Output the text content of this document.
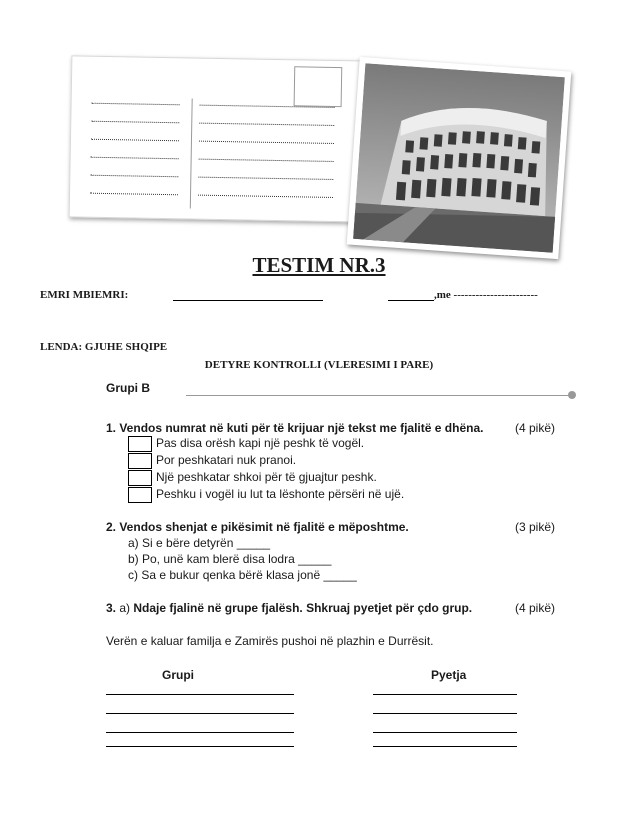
TESTIM NR.3
EMRI MBIEMRI:	,me -----------------------
LENDA: GJUHE SHQIPE
DETYRE KONTROLLI (VLERESIMI I PARE)
Grupi B
1. Vendos numrat në kuti për të krijuar një tekst me fjalitë e dhëna.	(4 pikë)
Pas disa orësh kapi një peshk të vogël.
Por peshkatari nuk pranoi.
Një peshkatar shkoi për të gjuajtur peshk.
Peshku i vogël iu lut ta lëshonte përsëri në ujë.
2. Vendos shenjat e pikësimit në fjalitë e mëposhtme.	(3 pikë)
a) Si e bëre detyrën _____
b) Po, unë kam blerë disa lodra _____
c) Sa e bukur qenka bërë klasa jonë _____
3. a) Ndaje fjalinë në grupe fjalësh. Shkruaj pyetjet për çdo grup.	(4 pikë)
Verën e kaluar familja e Zamirës pushoi në plazhin e Durrësit.
Grupi	Pyetja
